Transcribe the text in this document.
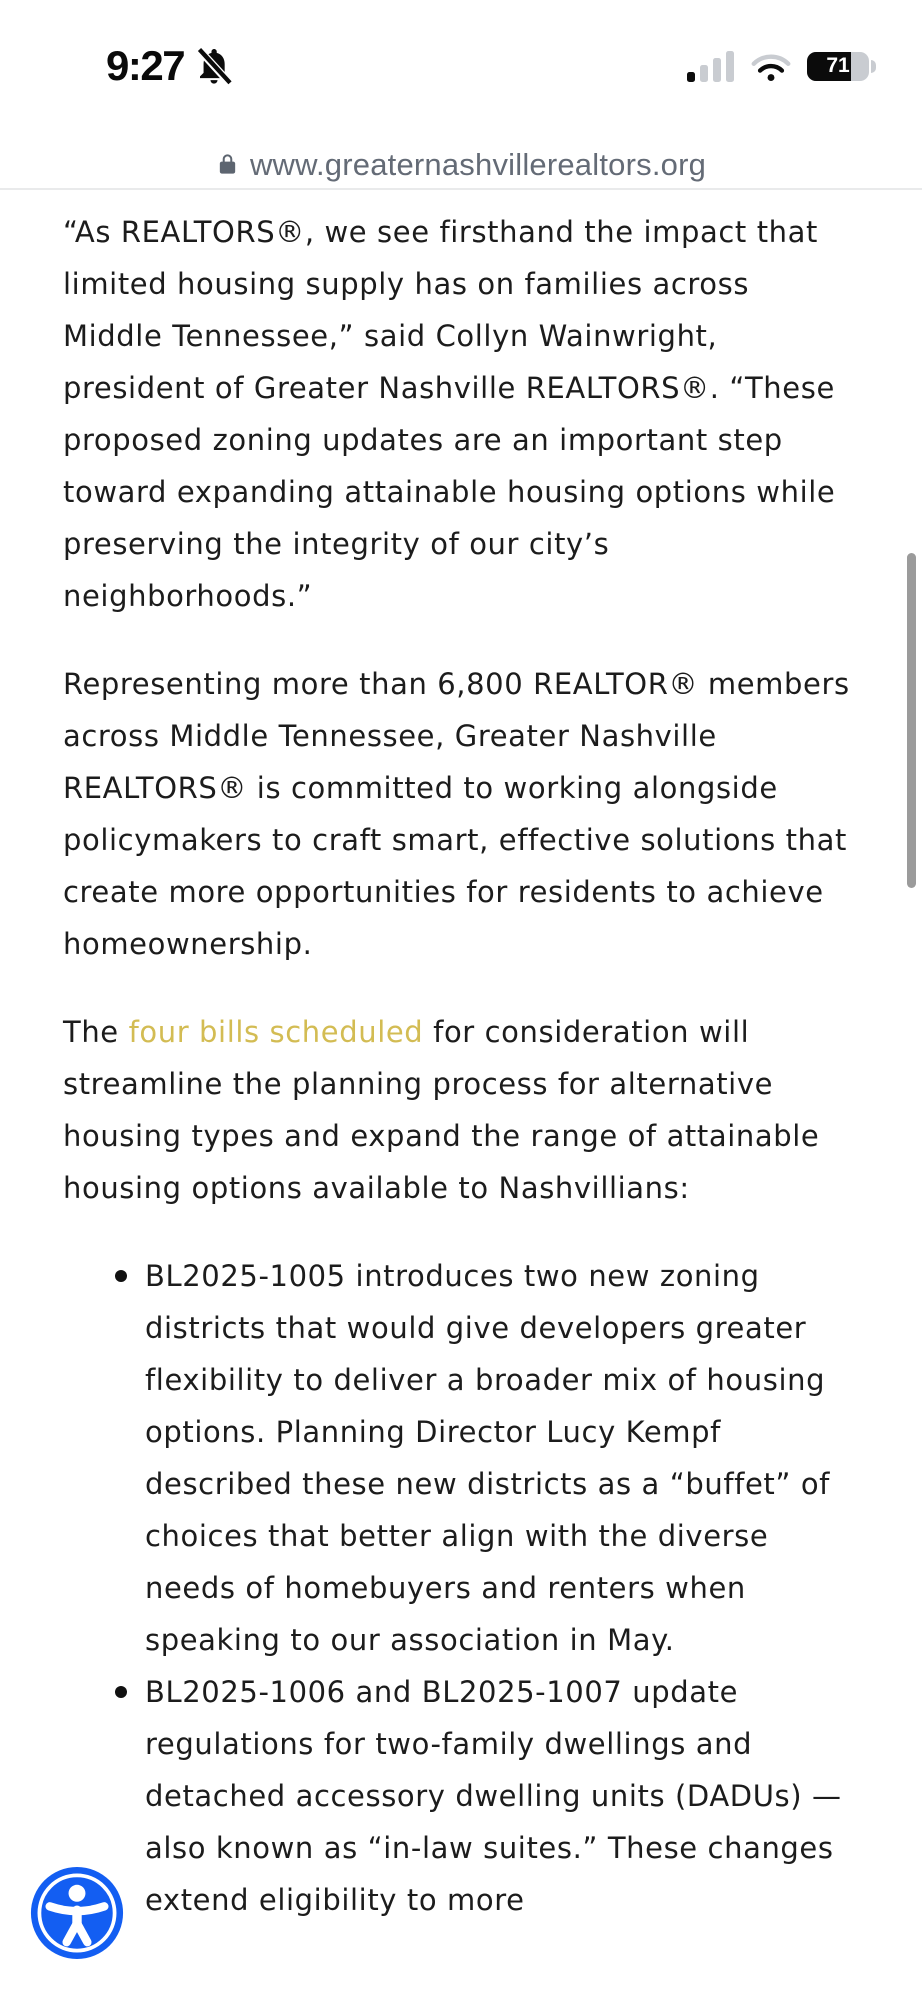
9:27	71
www.greaternashvillerealtors.org

“As REALTORS®, we see firsthand the impact that limited housing supply has on families across Middle Tennessee,” said Collyn Wainwright, president of Greater Nashville REALTORS®. “These proposed zoning updates are an important step toward expanding attainable housing options while preserving the integrity of our city’s neighborhoods.”

Representing more than 6,800 REALTOR® members across Middle Tennessee, Greater Nashville REALTORS® is committed to working alongside policymakers to craft smart, effective solutions that create more opportunities for residents to achieve homeownership.

The four bills scheduled for consideration will streamline the planning process for alternative housing types and expand the range of attainable housing options available to Nashvillians:

BL2025-1005 introduces two new zoning districts that would give developers greater flexibility to deliver a broader mix of housing options. Planning Director Lucy Kempf described these new districts as a “buffet” of choices that better align with the diverse needs of homebuyers and renters when speaking to our association in May.
BL2025-1006 and BL2025-1007 update regulations for two-family dwellings and detached accessory dwelling units (DADUs) — also known as “in-law suites.” These changes extend eligibility to more
